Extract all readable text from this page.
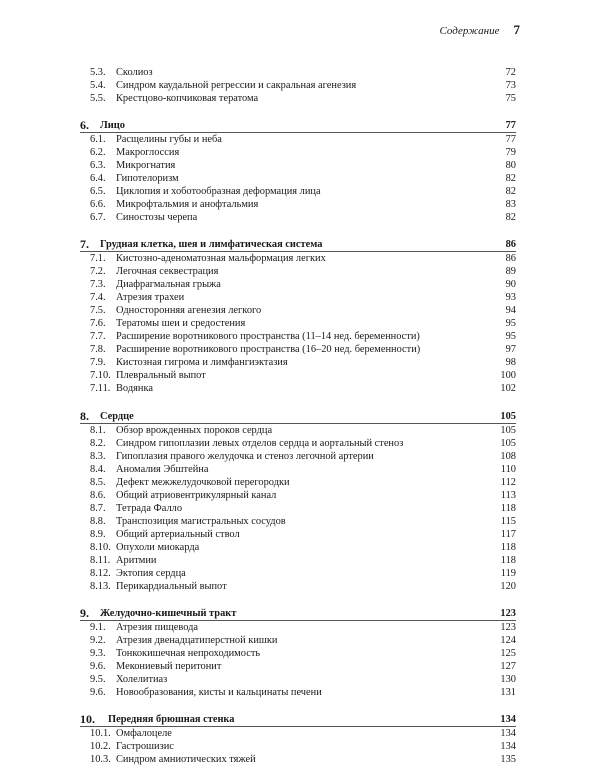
Содержание 7
5.3. Сколиоз	72
5.4. Синдром каудальной регрессии и сакральная агенезия	73
5.5. Крестцово-копчиковая тератома	75
6. Лицо	77
6.1. Расщелины губы и неба	77
6.2. Макроглоссия	79
6.3. Микрогнатия	80
6.4. Гипотелоризм	82
6.5. Циклопия и хоботообразная деформация лица	82
6.6. Микрофтальмия и анофтальмия	83
6.7. Синостозы черепа	82
7. Грудная клетка, шея и лимфатическая система	86
7.1. Кистозно-аденоматозная мальформация легких	86
7.2. Легочная секвестрация	89
7.3. Диафрагмальная грыжа	90
7.4. Атрезия трахеи	93
7.5. Односторонняя агенезия легкого	94
7.6. Тератомы шеи и средостения	95
7.7. Расширение воротникового пространства (11–14 нед. беременности)	95
7.8. Расширение воротникового пространства (16–20 нед. беременности)	97
7.9. Кистозная гигрома и лимфангиэктазия	98
7.10. Плевральный выпот	100
7.11. Водянка	102
8. Сердце	105
8.1. Обзор врожденных пороков сердца	105
8.2. Синдром гипоплазии левых отделов сердца и аортальный стеноз	105
8.3. Гипоплазия правого желудочка и стеноз легочной артерии	108
8.4. Аномалия Эбштейна	110
8.5. Дефект межжелудочковой перегородки	112
8.6. Общий атриовентрикулярный канал	113
8.7. Тетрада Фалло	118
8.8. Транспозиция магистральных сосудов	115
8.9. Общий артериальный ствол	117
8.10. Опухоли миокарда	118
8.11. Аритмии	118
8.12. Эктопия сердца	119
8.13. Перикардиальный выпот	120
9. Желудочно-кишечный тракт	123
9.1. Атрезия пищевода	123
9.2. Атрезия двенадцатиперстной кишки	124
9.3. Тонкокишечная непроходимость	125
9.6. Мекониевый перитонит	127
9.5. Холелитиаз	130
9.6. Новообразования, кисты и кальцинаты печени	131
10. Передняя брюшная стенка	134
10.1. Омфалоцеле	134
10.2. Гастрошизис	134
10.3. Синдром амниотических тяжей	135
